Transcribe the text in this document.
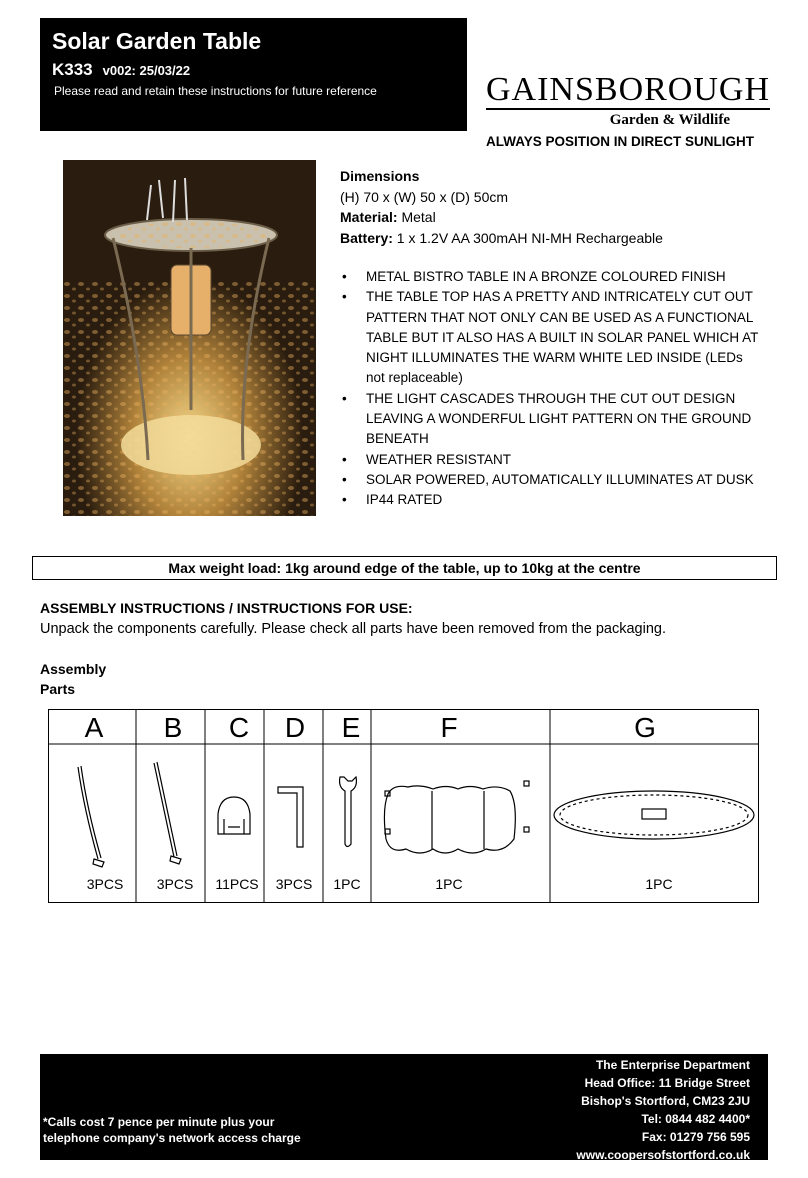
Solar Garden Table
K333 v002: 25/03/22
Please read and retain these instructions for future reference	GAINSBOROUGH
Garden & Wildlife
ALWAYS POSITION IN DIRECT SUNLIGHT
Dimensions
(H) 70 x (W) 50 x (D) 50cm
Material: Metal
Battery: 1 x 1.2V AA 300mAH NI-MH Rechargeable
• METAL BISTRO TABLE IN A BRONZE COLOURED FINISH
• THE TABLE TOP HAS A PRETTY AND INTRICATELY CUT OUT PATTERN THAT NOT ONLY CAN BE USED AS A FUNCTIONAL TABLE BUT IT ALSO HAS A BUILT IN SOLAR PANEL WHICH AT NIGHT ILLUMINATES THE WARM WHITE LED INSIDE (LEDs not replaceable)
• THE LIGHT CASCADES THROUGH THE CUT OUT DESIGN LEAVING A WONDERFUL LIGHT PATTERN ON THE GROUND BENEATH
• WEATHER RESISTANT
• SOLAR POWERED, AUTOMATICALLY ILLUMINATES AT DUSK
• IP44 RATED
Max weight load: 1kg around edge of the table, up to 10kg at the centre
ASSEMBLY INSTRUCTIONS / INSTRUCTIONS FOR USE:
Unpack the components carefully. Please check all parts have been removed from the packaging.
Assembly
Parts
A B C D E	F	G
3PCS 3PCS 11PCS 3PCS 1PC	1PC	1PC
The Enterprise Department
Head Office: 11 Bridge Street
Bishop's Stortford, CM23 2JU
Tel: 0844 482 4400*
Fax: 01279 756 595
www.coopersofstortford.co.uk
*Calls cost 7 pence per minute plus your
telephone company's network access charge
